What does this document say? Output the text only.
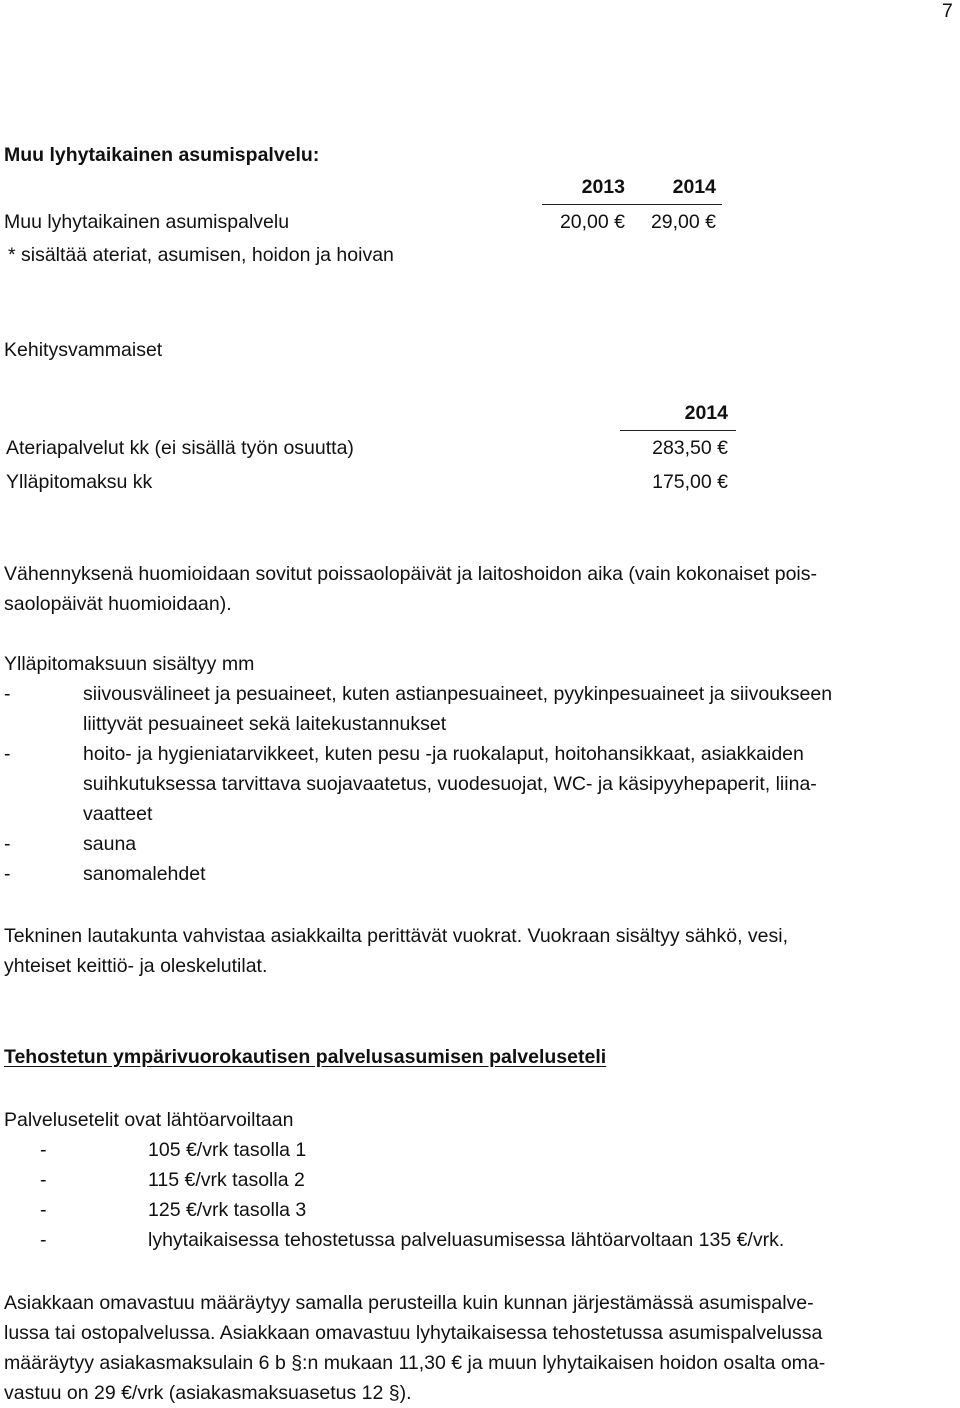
7
Muu lyhytaikainen asumispalvelu:
2013	2014
Muu lyhytaikainen asumispalvelu	20,00 €	29,00 €
* sisältää ateriat, asumisen, hoidon ja hoivan
Kehitysvammaiset
2014
Ateriapalvelut kk (ei sisällä työn osuutta)	283,50 €
Ylläpitomaksu kk	175,00 €
Vähennyksenä huomioidaan sovitut poissaolopäivät ja laitoshoidon aika (vain kokonaiset pois-
saolopäivät huomioidaan).
Ylläpitomaksuun sisältyy mm
-	siivousvälineet ja pesuaineet, kuten astianpesuaineet, pyykinpesuaineet ja siivoukseen
liittyvät pesuaineet sekä laitekustannukset
-	hoito- ja hygieniatarvikkeet, kuten pesu -ja ruokalaput, hoitohansikkaat, asiakkaiden
suihkutuksessa tarvittava suojavaatetus, vuodesuojat, WC- ja käsipyyhepaperit, liina-
vaatteet
-	sauna
-	sanomalehdet
Tekninen lautakunta vahvistaa asiakkailta perittävät vuokrat. Vuokraan sisältyy sähkö, vesi,
yhteiset keittiö- ja oleskelutilat.
Tehostetun ympärivuorokautisen palvelusasumisen palveluseteli
Palvelusetelit ovat lähtöarvoiltaan
-	105 €/vrk tasolla 1
-	115 €/vrk tasolla 2
-	125 €/vrk tasolla 3
-	lyhytaikaisessa tehostetussa palveluasumisessa lähtöarvoltaan 135 €/vrk.
Asiakkaan omavastuu määräytyy samalla perusteilla kuin kunnan järjestämässä asumispalve-
lussa tai ostopalvelussa. Asiakkaan omavastuu lyhytaikaisessa tehostetussa asumispalvelussa
määräytyy asiakasmaksulain 6 b §:n mukaan 11,30 € ja muun lyhytaikaisen hoidon osalta oma-
vastuu on 29 €/vrk (asiakasmaksuasetus 12 §).
